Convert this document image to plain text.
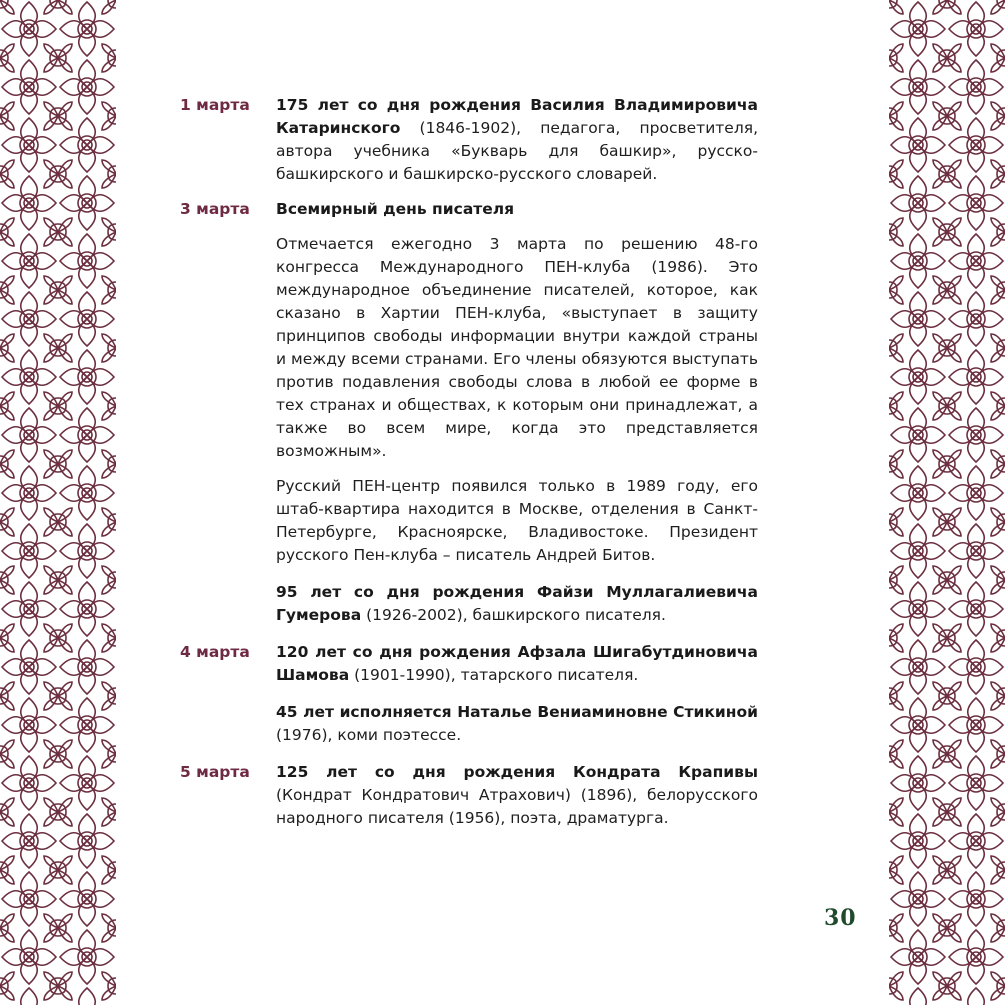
1 марта	175 лет со дня рождения Василия Владимировича Катаринского (1846-1902), педагога, просветителя, автора учебника «Букварь для башкир», русско-башкирского и башкирско-русского словарей.
3 марта	Всемирный день писателя
Отмечается ежегодно 3 марта по решению 48-го конгресса Международного ПЕН-клуба (1986). Это международное объединение писателей, которое, как сказано в Хартии ПЕН-клуба, «выступает в защиту принципов свободы информации внутри каждой страны и между всеми странами. Его члены обязуются выступать против подавления свободы слова в любой ее форме в тех странах и обществах, к которым они принадлежат, а также во всем мире, когда это представляется возможным».
Русский ПЕН-центр появился только в 1989 году, его штаб-квартира находится в Москве, отделения в Санкт-Петербурге, Красноярске, Владивостоке. Президент русского Пен-клуба – писатель Андрей Битов.
95 лет со дня рождения Файзи Муллагалиевича Гумерова (1926-2002), башкирского писателя.
4 марта	120 лет со дня рождения Афзала Шигабутдиновича Шамова (1901-1990), татарского писателя.
45 лет исполняется Наталье Вениаминовне Стикиной (1976), коми поэтессе.
5 марта	125 лет со дня рождения Кондрата Крапивы (Кондрат Кондратович Атрахович) (1896), белорусского народного писателя (1956), поэта, драматурга.
30
